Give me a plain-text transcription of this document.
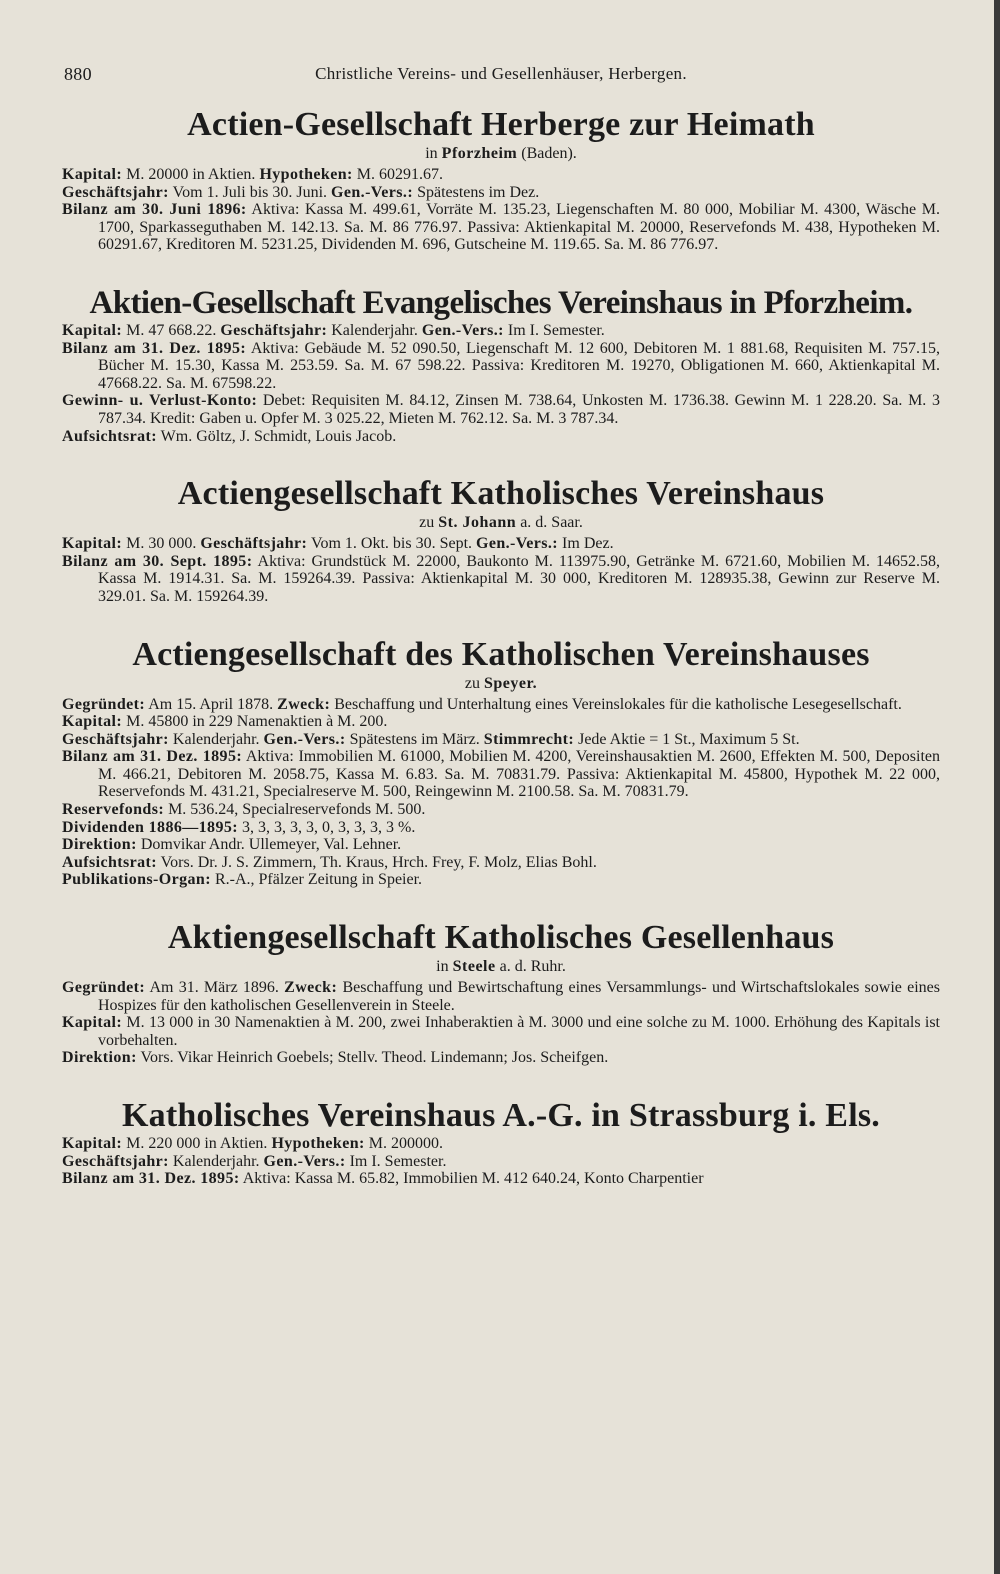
880	Christliche Vereins- und Gesellenhäuser, Herbergen.
Actien-Gesellschaft Herberge zur Heimath

in Pforzheim (Baden).

Kapital: M. 20000 in Aktien. Hypotheken: M. 60291.67.

Geschäftsjahr: Vom 1. Juli bis 30. Juni. Gen.-Vers.: Spätestens im Dez.

Bilanz am 30. Juni 1896: Aktiva: Kassa M. 499.61, Vorräte M. 135.23, Liegenschaften M. 80 000, Mobiliar M. 4300, Wäsche M. 1700, Sparkasseguthaben M. 142.13. Sa. M. 86 776.97. Passiva: Aktienkapital M. 20000, Reservefonds M. 438, Hypotheken M. 60291.67, Kreditoren M. 5231.25, Dividenden M. 696, Gutscheine M. 119.65. Sa. M. 86 776.97.

Aktien-Gesellschaft Evangelisches Vereinshaus in Pforzheim.

Kapital: M. 47 668.22. Geschäftsjahr: Kalenderjahr. Gen.-Vers.: Im I. Semester.

Bilanz am 31. Dez. 1895: Aktiva: Gebäude M. 52 090.50, Liegenschaft M. 12 600, Debitoren M. 1 881.68, Requisiten M. 757.15, Bücher M. 15.30, Kassa M. 253.59. Sa. M. 67 598.22. Passiva: Kreditoren M. 19270, Obligationen M. 660, Aktienkapital M. 47668.22. Sa. M. 67598.22.

Gewinn- u. Verlust-Konto: Debet: Requisiten M. 84.12, Zinsen M. 738.64, Unkosten M. 1736.38. Gewinn M. 1 228.20. Sa. M. 3 787.34. Kredit: Gaben u. Opfer M. 3 025.22, Mieten M. 762.12. Sa. M. 3 787.34.

Aufsichtsrat: Wm. Göltz, J. Schmidt, Louis Jacob.

Actiengesellschaft Katholisches Vereinshaus

zu St. Johann a. d. Saar.

Kapital: M. 30 000. Geschäftsjahr: Vom 1. Okt. bis 30. Sept. Gen.-Vers.: Im Dez.

Bilanz am 30. Sept. 1895: Aktiva: Grundstück M. 22000, Baukonto M. 113975.90, Getränke M. 6721.60, Mobilien M. 14652.58, Kassa M. 1914.31. Sa. M. 159264.39. Passiva: Aktienkapital M. 30 000, Kreditoren M. 128935.38, Gewinn zur Reserve M. 329.01. Sa. M. 159264.39.

Actiengesellschaft des Katholischen Vereinshauses

zu Speyer.

Gegründet: Am 15. April 1878. Zweck: Beschaffung und Unterhaltung eines Vereinslokales für die katholische Lesegesellschaft.

Kapital: M. 45800 in 229 Namenaktien à M. 200.

Geschäftsjahr: Kalenderjahr. Gen.-Vers.: Spätestens im März. Stimmrecht: Jede Aktie = 1 St., Maximum 5 St.

Bilanz am 31. Dez. 1895: Aktiva: Immobilien M. 61000, Mobilien M. 4200, Vereinshausaktien M. 2600, Effekten M. 500, Depositen M. 466.21, Debitoren M. 2058.75, Kassa M. 6.83. Sa. M. 70831.79. Passiva: Aktienkapital M. 45800, Hypothek M. 22 000, Reservefonds M. 431.21, Specialreserve M. 500, Reingewinn M. 2100.58. Sa. M. 70831.79.

Reservefonds: M. 536.24, Specialreservefonds M. 500.

Dividenden 1886—1895: 3, 3, 3, 3, 3, 0, 3, 3, 3, 3 %.

Direktion: Domvikar Andr. Ullemeyer, Val. Lehner.

Aufsichtsrat: Vors. Dr. J. S. Zimmern, Th. Kraus, Hrch. Frey, F. Molz, Elias Bohl.

Publikations-Organ: R.-A., Pfälzer Zeitung in Speier.

Aktiengesellschaft Katholisches Gesellenhaus

in Steele a. d. Ruhr.

Gegründet: Am 31. März 1896. Zweck: Beschaffung und Bewirtschaftung eines Versammlungs- und Wirtschaftslokales sowie eines Hospizes für den katholischen Gesellenverein in Steele.

Kapital: M. 13 000 in 30 Namenaktien à M. 200, zwei Inhaberaktien à M. 3000 und eine solche zu M. 1000. Erhöhung des Kapitals ist vorbehalten.

Direktion: Vors. Vikar Heinrich Goebels; Stellv. Theod. Lindemann; Jos. Scheifgen.

Katholisches Vereinshaus A.-G. in Strassburg i. Els.

Kapital: M. 220 000 in Aktien. Hypotheken: M. 200000.

Geschäftsjahr: Kalenderjahr. Gen.-Vers.: Im I. Semester.

Bilanz am 31. Dez. 1895: Aktiva: Kassa M. 65.82, Immobilien M. 412 640.24, Konto Charpentier
